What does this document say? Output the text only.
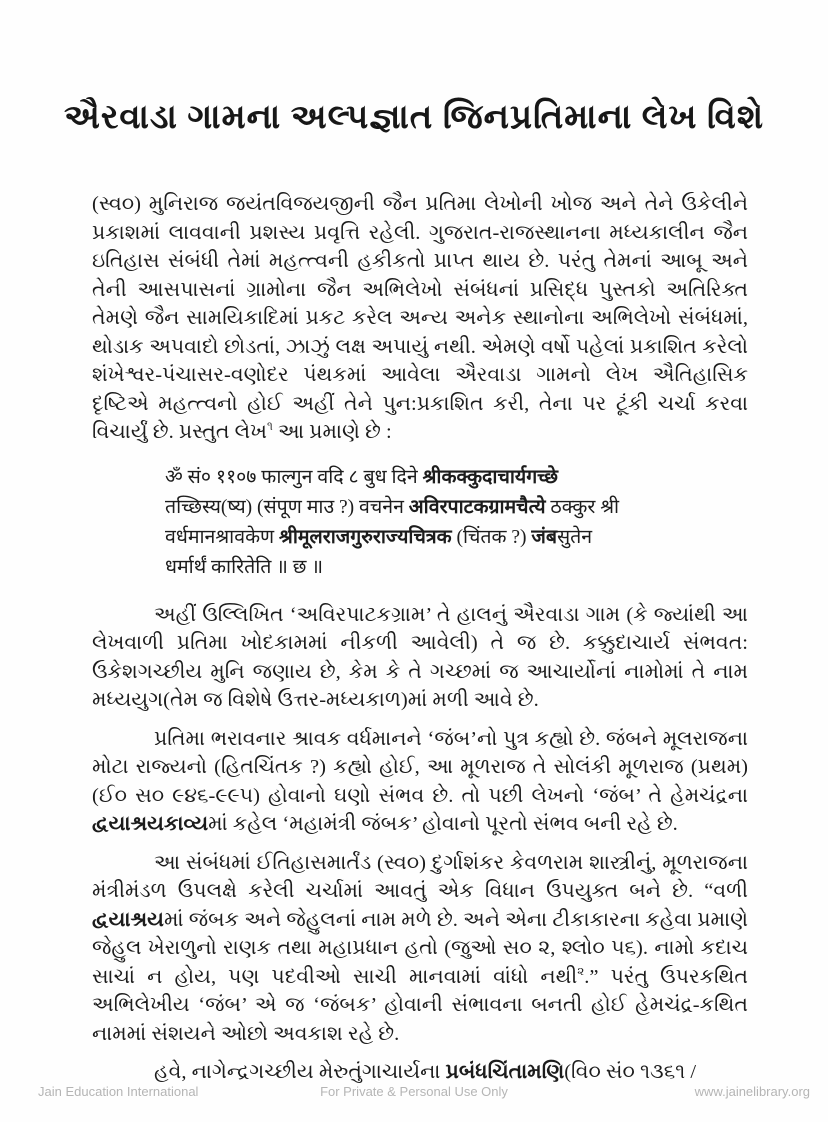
ઐરવાડા ગામના અલ્પજ્ઞાત જિનપ્રતિમાના લેખ વિશે

(સ્વ૦) મુનિરાજ જયંતવિજયજીની જૈન પ્રતિમા લેખોની ખોજ અને તેને ઉકેલીને પ્રકાશમાં લાવવાની પ્રશસ્ય પ્રવૃત્તિ રહેલી. ગુજરાત-રાજસ્થાનના મધ્યકાલીન જૈન ઇતિહાસ સંબંધી તેમાં મહત્ત્વની હકીકતો પ્રાપ્ત થાય છે. પરંતુ તેમનાં આબૂ અને તેની આસપાસનાં ગ્રામોના જૈન અભિલેખો સંબંધનાં પ્રસિદ્ધ પુસ્તકો અતિરિક્ત તેમણે જૈન સામયિકાદિમાં પ્રકટ કરેલ અન્ય અનેક સ્થાનોના અભિલેખો સંબંધમાં, થોડાક અપવાદો છોડતાં, ઝાઝું લક્ષ અપાયું નથી. એમણે વર્ષો પહેલાં પ્રકાશિત કરેલો શંખેશ્વર-પંચાસર-વણોદર પંથકમાં આવેલા ઐરવાડા ગામનો લેખ ઐતિહાસિક દૃષ્ટિએ મહત્ત્વનો હોઈ અહીં તેને પુન:પ્રકાશિત કરી, તેના પર ટૂંકી ચર્ચા કરવા વિચાર્યું છે. પ્રસ્તુત લેખ$^૧$ આ પ્રમાણે છે :

ॐ सं० ११०७ फाल्गुन वदि ८ बुध दिने श्रीकक्कुदाचार्यगच्छे
तच्छिस्य(ष्य) (संपूण माउ ?) वचनेन अविरपाटकग्रामचैत्ये ठक्कुर श्री
वर्धमानश्रावकेण श्रीमूलराजगुरुराज्यचित्रक (चिंतक ?) जंबसुतेन
धर्मार्थं कारितेति ॥ छ ॥

અહીં ઉલ્લિખિત ‘અવિરપાટકગ્રામ’ તે હાલનું ઐરવાડા ગામ (કે જ્યાંથી આ લેખવાળી પ્રતિમા ખોદકામમાં નીકળી આવેલી) તે જ છે. કક્કુદાચાર્ય સંભવત: ઉકેશગચ્છીય મુનિ જણાય છે, કેમ કે તે ગચ્છમાં જ આચાર્યોનાં નામોમાં તે નામ મધ્યયુગ(તેમ જ વિશેષે ઉત્તર-મધ્યકાળ)માં મળી આવે છે.

પ્રતિમા ભરાવનાર શ્રાવક વર્ધમાનને ‘જંબ’નો પુત્ર કહ્યો છે. જંબને મૂલરાજના મોટા રાજ્યનો (હિતચિંતક ?) કહ્યો હોઈ, આ મૂળરાજ તે સોલંકી મૂળરાજ (પ્રથમ) (ઈ૦ સ૦ ૯૪૬-૯૯૫) હોવાનો ઘણો સંભવ છે. તો પછી લેખનો ‘જંબ’ તે હેમચંદ્રના દ્વયાશ્રયકાવ્યમાં કહેલ ‘મહામંત્રી જંબક’ હોવાનો પૂરતો સંભવ બની રહે છે.

આ સંબંધમાં ઈતિહાસમાર્તંડ (સ્વ૦) દુર્ગાશંકર કેવળરામ શાસ્ત્રીનું, મૂળરાજના મંત્રીમંડળ ઉપલક્ષે કરેલી ચર્ચામાં આવતું એક વિધાન ઉપયુક્ત બને છે. “વળી દ્વયાશ્રયમાં જંબક અને જેહુલનાં નામ મળે છે. અને એના ટીકાકારના કહેવા પ્રમાણે જેહુલ ખેરાળુનો રાણક તથા મહાપ્રધાન હતો (જુઓ સ૦ ૨, શ્લો૦ ૫૬). નામો કદાચ સાચાં ન હોય, પણ પદવીઓ સાચી માનવામાં વાંધો નથી$^૨$.” પરંતુ ઉપરકથિત અભિલેખીય ‘જંબ’ એ જ ‘જંબક’ હોવાની સંભાવના બનતી હોઈ હેમચંદ્ર-કથિત નામમાં સંશયને ઓછો અવકાશ રહે છે.

હવે, નાગેન્દ્રગચ્છીય મેરુતુંગાચાર્યના પ્રબંધચિંતામણિ(વિ૦ સં૦ ૧૩૬૧ /

Jain Education International	For Private & Personal Use Only	www.jainelibrary.org
